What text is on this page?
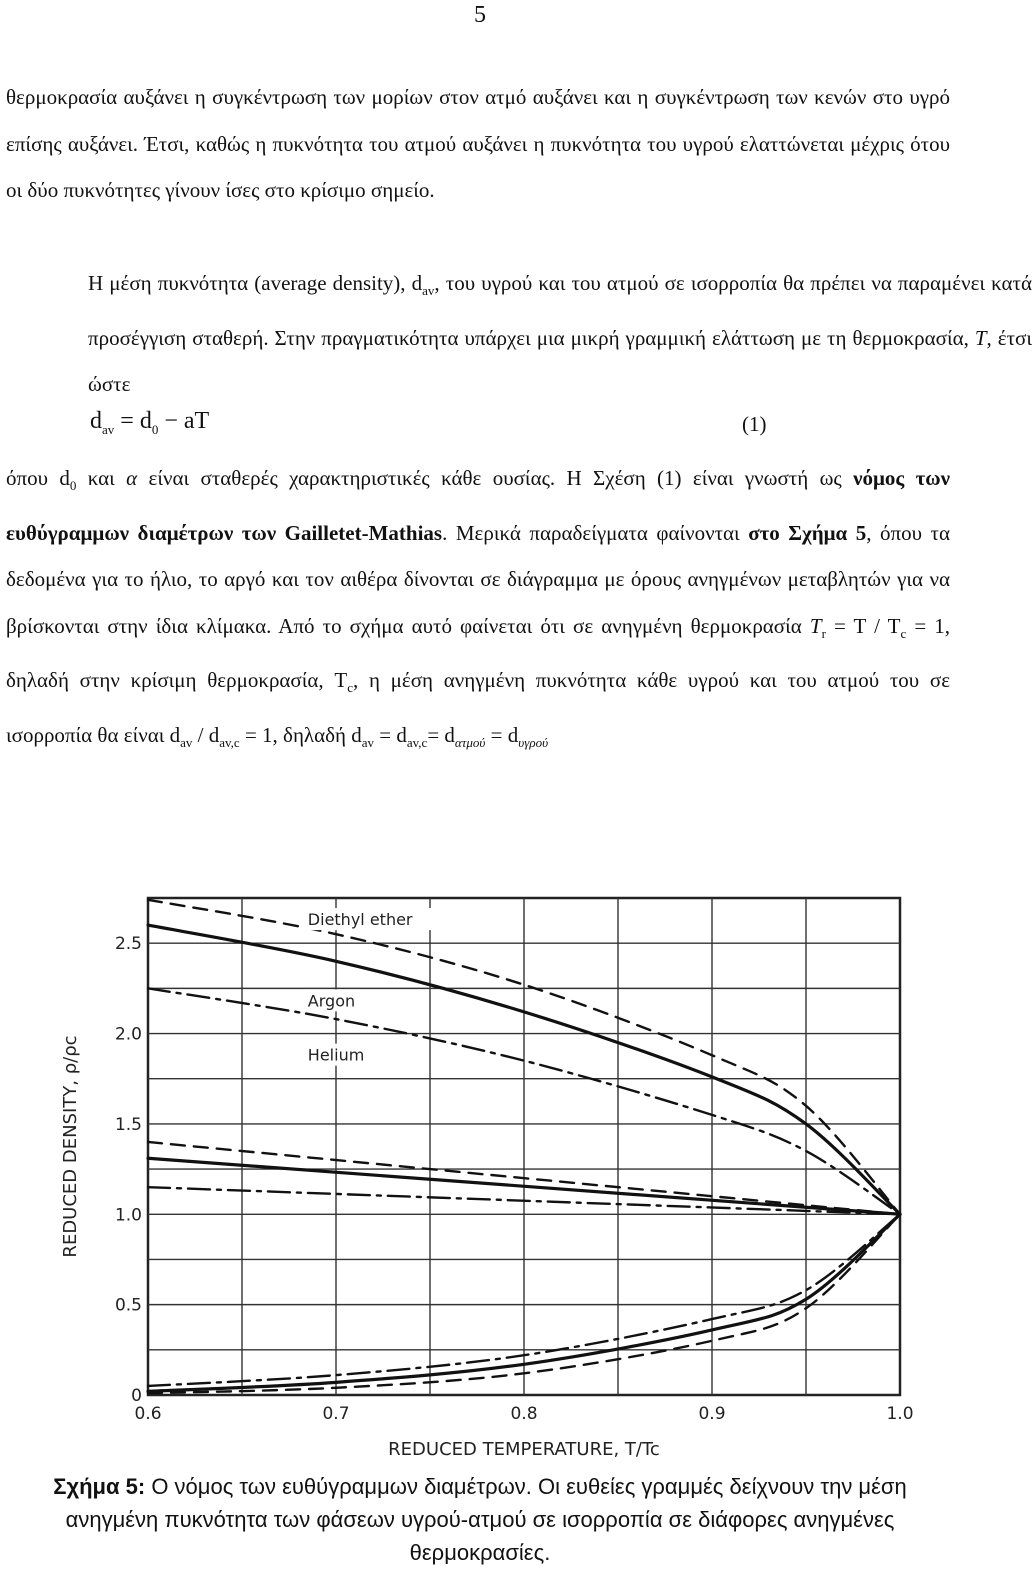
5
θερμοκρασία αυξάνει η συγκέντρωση των μορίων στον ατμό αυξάνει και η συγκέντρωση των κενών στο υγρό επίσης αυξάνει. Έτσι, καθώς η πυκνότητα του ατμού αυξάνει η πυκνότητα του υγρού ελαττώνεται μέχρις ότου οι δύο πυκνότητες γίνουν ίσες στο κρίσιμο σημείο.
Η μέση πυκνότητα (average density), $d_{av}$, του υγρού και του ατμού σε ισορροπία θα πρέπει να παραμένει κατά προσέγγιση σταθερή. Στην πραγματικότητα υπάρχει μια μικρή γραμμική ελάττωση με τη θερμοκρασία, T, έτσι ώστε
$d_{av} = d_0$ − aT	(1)
όπου $d_0$ και α είναι σταθερές χαρακτηριστικές κάθε ουσίας. Η Σχέση (1) είναι γνωστή ως νόμος των ευθύγραμμων διαμέτρων των Gailletet-Mathias. Μερικά παραδείγματα φαίνονται στο Σχήμα 5, όπου τα δεδομένα για το ήλιο, το αργό και τον αιθέρα δίνονται σε διάγραμμα με όρους ανηγμένων μεταβλητών για να βρίσκονται στην ίδια κλίμακα. Από το σχήμα αυτό φαίνεται ότι σε ανηγμένη θερμοκρασία $T_r = T / T_c = 1$, δηλαδή στην κρίσιμη θερμοκρασία, $T_c$, η μέση ανηγμένη πυκνότητα κάθε υγρού και του ατμού του σε ισορροπία θα είναι $d_{av} / d_{av,c} = 1$, δηλαδή $d_{av} = d_{av,c}= d_{\alpha\tau\mu oύ} = d_{\upsilon\gamma\rho oύ}$
0.6	0.7	0.8	0.9	1.0
0
0.5
1.0
1.5
2.0
2.5
REDUCED TEMPERATURE, T/Tc
REDUCED DENSITY, ρ/ρc
Diethyl ether
Argon
Helium
Σχήμα 5: Ο νόμος των ευθύγραμμων διαμέτρων. Οι ευθείες γραμμές δείχνουν την μέση ανηγμένη πυκνότητα των φάσεων υγρού-ατμού σε ισορροπία σε διάφορες ανηγμένες θερμοκρασίες.
